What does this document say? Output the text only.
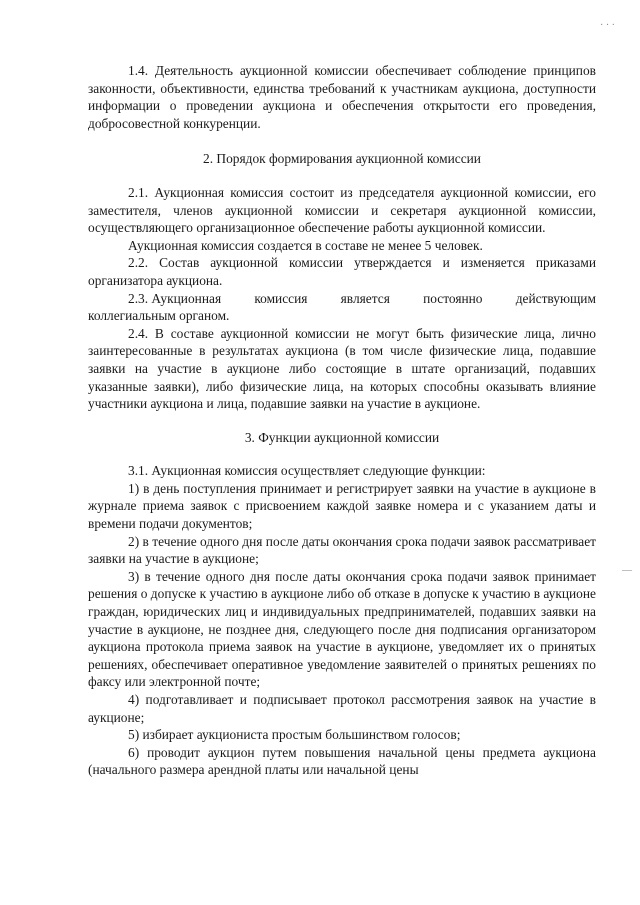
· · ·
—

1.4. Деятельность аукционной комиссии обеспечивает соблюдение принципов законности, объективности, единства требований к участникам аукциона, доступности информации о проведении аукциона и обеспечения открытости его проведения, добросовестной конкуренции.

2. Порядок формирования аукционной комиссии

2.1. Аукционная комиссия состоит из председателя аукционной комиссии, его заместителя, членов аукционной комиссии и секретаря аукционной комиссии, осуществляющего организационное обеспечение работы аукционной комиссии.

Аукционная комиссия создается в составе не менее 5 человек.

2.2. Состав аукционной комиссии утверждается и изменяется приказами организатора аукциона.

2.3. Аукционная комиссия является постоянно действующим

коллегиальным органом.

2.4. В составе аукционной комиссии не могут быть физические лица, лично заинтересованные в результатах аукциона (в том числе физические лица, подавшие заявки на участие в аукционе либо состоящие в штате организаций, подавших указанные заявки), либо физические лица, на которых способны оказывать влияние участники аукциона и лица, подавшие заявки на участие в аукционе.

3. Функции аукционной комиссии

3.1. Аукционная комиссия осуществляет следующие функции:

1) в день поступления принимает и регистрирует заявки на участие в аукционе в журнале приема заявок с присвоением каждой заявке номера и с указанием даты и времени подачи документов;

2) в течение одного дня после даты окончания срока подачи заявок рассматривает заявки на участие в аукционе;

3) в течение одного дня после даты окончания срока подачи заявок принимает решения о допуске к участию в аукционе либо об отказе в допуске к участию в аукционе граждан, юридических лиц и индивидуальных предпринимателей, подавших заявки на участие в аукционе, не позднее дня, следующего после дня подписания организатором аукциона протокола приема заявок на участие в аукционе, уведомляет их о принятых решениях, обеспечивает оперативное уведомление заявителей о принятых решениях по факсу или электронной почте;

4) подготавливает и подписывает протокол рассмотрения заявок на участие в аукционе;

5) избирает аукциониста простым большинством голосов;

6) проводит аукцион путем повышения начальной цены предмета аукциона (начального размера арендной платы или начальной цены
